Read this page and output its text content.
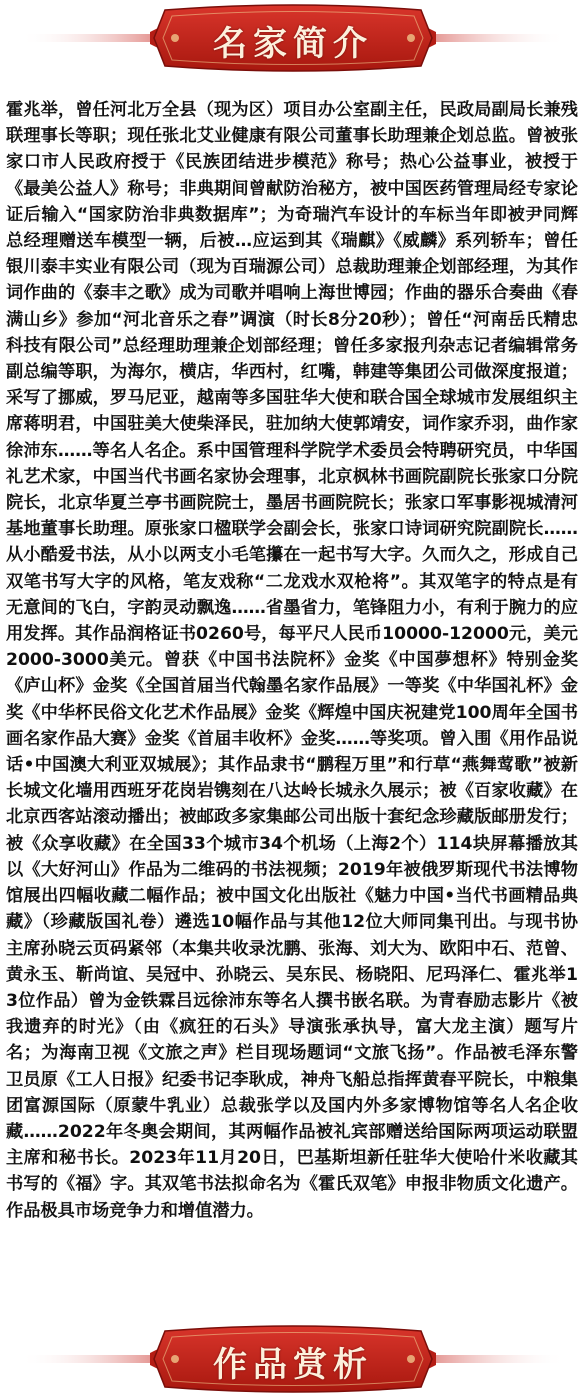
名家简介
霍兆举，曾任河北万全县（现为区）项目办公室副主任，民政局副局长兼残联理事长等职；现任张北艾业健康有限公司董事长助理兼企划总监。曾被张家口市人民政府授于《民族团结进步模范》称号；热心公益事业，被授于《最美公益人》称号；非典期间曾献防治秘方，被中国医药管理局经专家论证后输入“国家防治非典数据库”；为奇瑞汽车设计的车标当年即被尹同辉总经理赠送车模型一辆，后被…应运到其《瑞麒》《威麟》系列轿车；曾任银川泰丰实业有限公司（现为百瑞源公司）总裁助理兼企划部经理，为其作词作曲的《泰丰之歌》成为司歌并唱响上海世博园；作曲的器乐合奏曲《春满山乡》参加“河北音乐之春”调演（时长8分20秒）；曾任“河南岳氏精忠科技有限公司”总经理助理兼企划部经理；曾任多家报刋杂志记者编辑常务副总编等职，为海尔，横店，华西村，红嘴，韩建等集团公司做深度报道；采写了挪威，罗马尼亚，越南等多国驻华大使和联合国全球城市发展组织主席蒋明君，中国驻美大使柴泽民，驻加纳大使郭靖安，词作家乔羽，曲作家徐沛东……等名人名企。系中国管理科学院学术委员会特聘研究员，中华国礼艺术家，中国当代书画名家协会理事，北京枫林书画院副院长张家口分院院长，北京华夏兰亭书画院院士，墨居书画院院长；张家口军事影视城清河基地董事长助理。原张家口楹联学会副会长，张家口诗词研究院副院长……从小酷爱书法，从小以两支小毛笔攥在一起书写大字。久而久之，形成自己双笔书写大字的风格，笔友戏称“二龙戏水双枪将”。其双笔字的特点是有无意间的飞白，字韵灵动飘逸……省墨省力，笔锋阻力小，有利于腕力的应用发挥。其作品润格证书0260号，每平尺人民币10000-12000元，美元2000-3000美元。曾获《中国书法院杯》金奖《中国夢想杯》特别金奖《庐山杯》金奖《全国首届当代翰墨名家作品展》一等奖《中华国礼杯》金奖《中华杯民俗文化艺术作品展》金奖《辉煌中国庆祝建党100周年全国书画名家作品大赛》金奖《首届丰收杯》金奖……等奖项。曾入围《用作品说话•中国澳大利亚双城展》；其作品隶书“鹏程万里”和行草“燕舞莺歌”被新长城文化墙用西班牙花岗岩镌刻在八达岭长城永久展示；被《百家收藏》在北京西客站滚动播出；被邮政多家集邮公司出版十套纪念珍藏版邮册发行；被《众享收藏》在全国33个城市34个机场（上海2个）114块屏幕播放其以《大好河山》作品为二维码的书法视频；2019年被俄罗斯现代书法博物馆展出四幅收藏二幅作品；被中国文化出版社《魅力中国•当代书画精品典藏》（珍藏版国礼卷）遴选10幅作品与其他12位大师同集刊出。与现书协主席孙晓云页码紧邻（本集共收录沈鹏、张海、刘大为、欧阳中石、范曾、黄永玉、靳尚谊、吴冠中、孙晓云、吴东民、杨晓阳、尼玛泽仁、霍兆举13位作品）曾为金铁霖吕远徐沛东等名人撰书嵌名联。为青春励志影片《被我遗弃的时光》（由《疯狂的石头》导演张承执导，富大龙主演）题写片名；为海南卫视《文旅之声》栏目现场题词“文旅飞扬”。作品被毛泽东警卫员原《工人日报》纪委书记李耿成，神舟飞船总指挥黄春平院长，中粮集团富源国际（原蒙牛乳业）总裁张学以及国内外多家博物馆等名人名企收藏……2022年冬奥会期间，其两幅作品被礼宾部赠送给国际两项运动联盟主席和秘书长。2023年11月20日，巴基斯坦新任驻华大使哈什米收藏其书写的《福》字。其双笔书法拟命名为《霍氏双笔》申报非物质文化遗产。作品极具市场竞争力和增值潜力。
作品赏析
